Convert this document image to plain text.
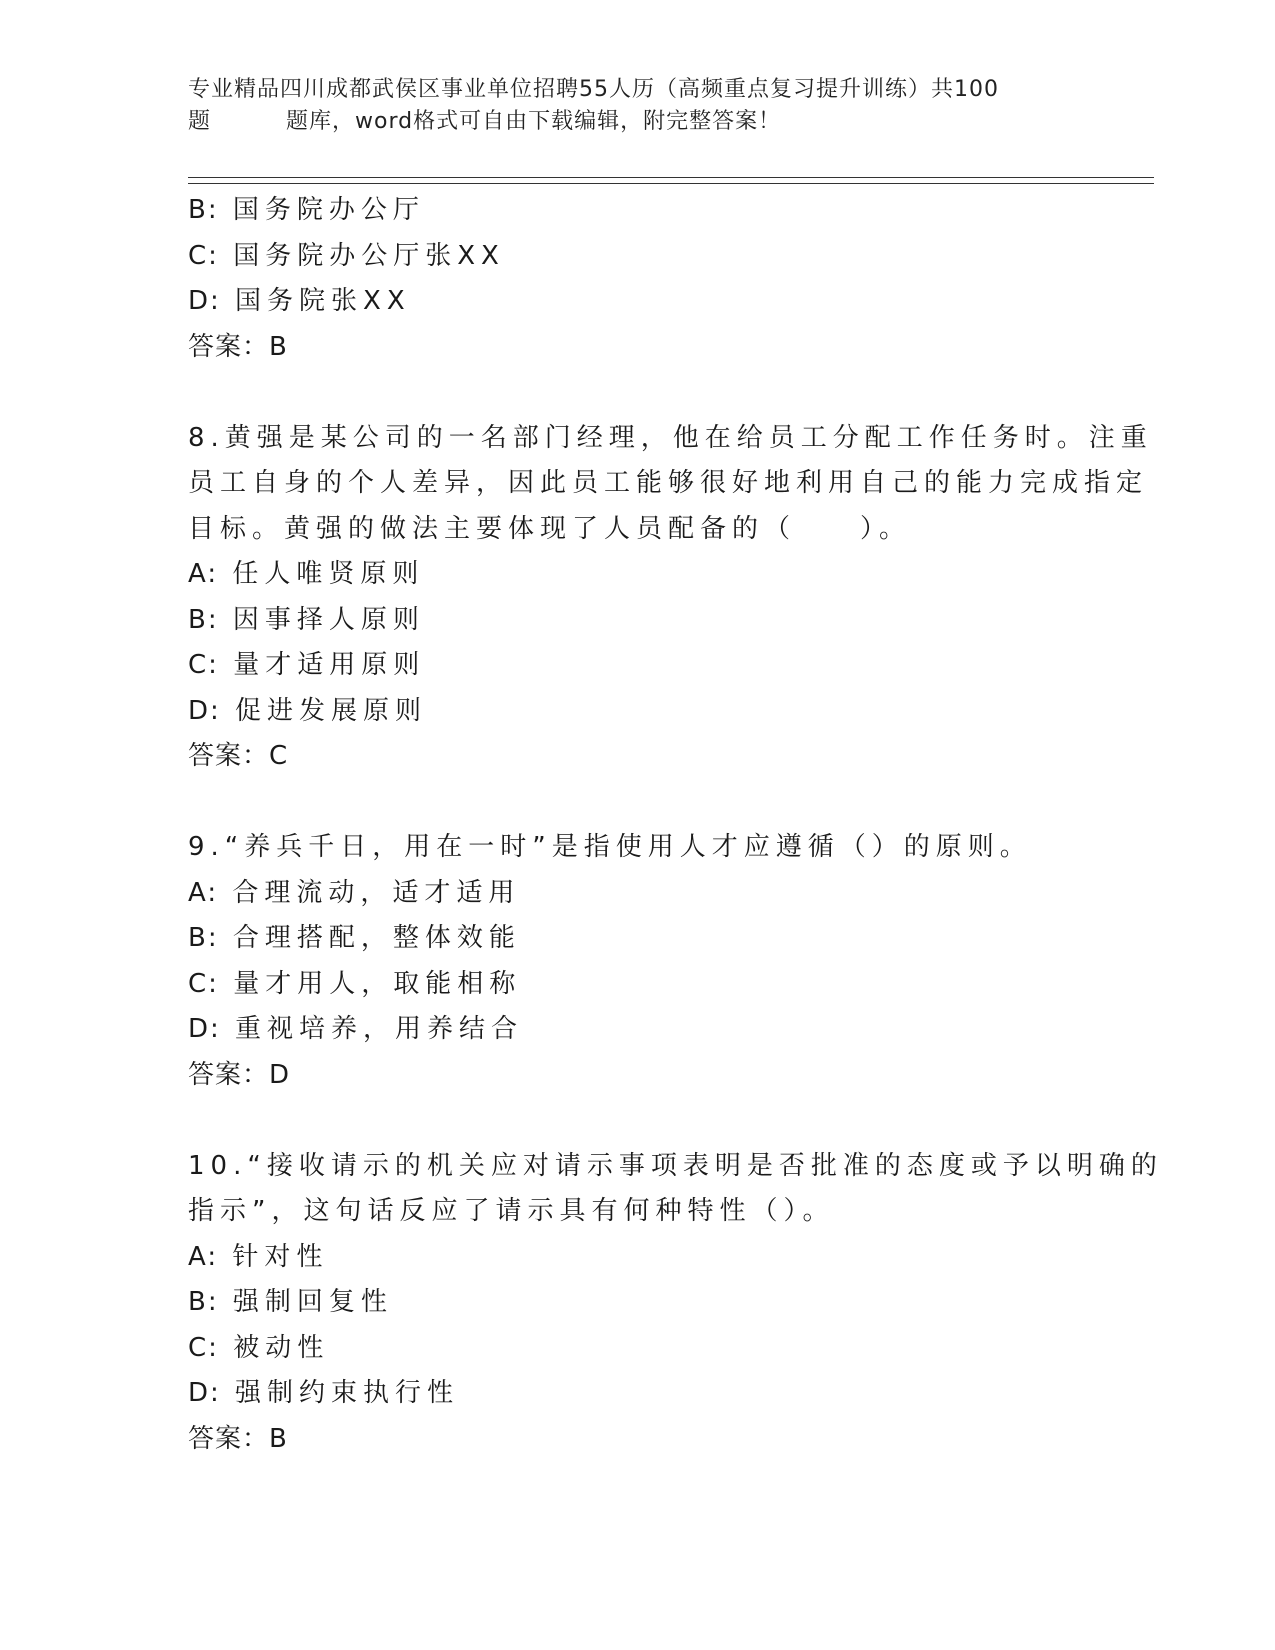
专业精品四川成都武侯区事业单位招聘55人历（高频重点复习提升训练）共100
题	题库，word格式可自由下载编辑，附完整答案！
B: 国务院办公厅
C: 国务院办公厅张XX
D: 国务院张XX
答案：B
8.黄强是某公司的一名部门经理，他在给员工分配工作任务时。注重
员工自身的个人差异，因此员工能够很好地利用自己的能力完成指定
目标。黄强的做法主要体现了人员配备的（　　）。
A: 任人唯贤原则
B: 因事择人原则
C: 量才适用原则
D: 促进发展原则
答案：C
9.“养兵千日，用在一时”是指使用人才应遵循（）的原则。
A: 合理流动，适才适用
B: 合理搭配，整体效能
C: 量才用人，取能相称
D: 重视培养，用养结合
答案：D
10.“接收请示的机关应对请示事项表明是否批准的态度或予以明确的
指示”，这句话反应了请示具有何种特性（）。
A: 针对性
B: 强制回复性
C: 被动性
D: 强制约束执行性
答案：B
